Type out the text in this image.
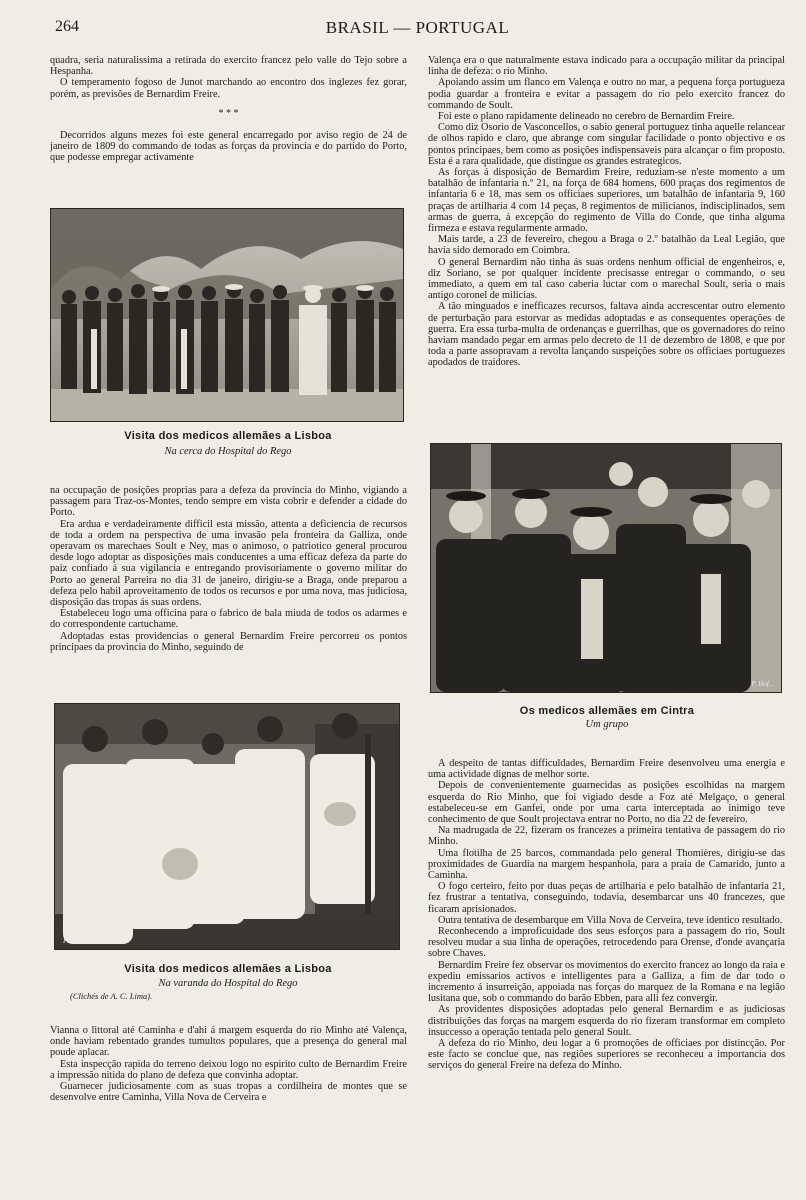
264	BRASIL — PORTUGAL

quadra, seria naturalissima a retirada do exercito francez pelo valle do Tejo sobre a Hespanha.

O temperamento fogoso de Junot marchando ao encontro dos inglezes fez gorar, porém, as previsões de Bernardim Freire.

* * *

Decorridos alguns mezes foi este general encarregado por aviso regio de 24 de janeiro de 1809 do commando de todas as forças da provincia e do partido do Porto, que podesse empregar activamente

Visita dos medicos allemães a Lisboa
Na cerca do Hospital do Rego

na occupação de posições proprias para a defeza da provincia do Minho, vigiando a passagem para Traz-os-Montes, tendo sempre em vista cobrir e defender a cidade do Porto.

Era ardua e verdadeiramente difficil esta missão, attenta a deficiencia de recursos de toda a ordem na perspectiva de uma invasão pela fronteira da Galliza, onde operavam os marechaes Soult e Ney, mas o animoso, o patriotico general procurou desde logo adoptar as disposições mais conducentes a uma efficaz defeza da parte do paiz confiado á sua vigilancia e entregando provisoriamente o governo militar do Porto ao general Parreira no dia 31 de janeiro, dirigiu-se a Braga, onde preparou a defeza pelo habil aproveitamento de todos os recursos e por uma nova, mas judiciosa, disposição das tropas ás suas ordens.

Estabeleceu logo uma officina para o fabrico de bala miuda de todos os adarmes e do correspondente cartuchame.

Adoptadas estas providencias o general Bernardim Freire percorreu os pontos principaes da provincia do Minho, seguindo de

Ph.
Visita dos medicos allemães a Lisboa
Na varanda do Hospital do Rego
(Clichés de A. C. Lima).

Vianna o littoral até Caminha e d'ahi á margem esquerda do rio Minho até Valença, onde haviam rebentado grandes tumultos populares, que a presença do general mal poude aplacar.

Esta inspecção rapida do terreno deixou logo no espirito culto de Bernardim Freire a impressão nitida do plano de defeza que convinha adoptar.

Guarnecer judiciosamente com as suas tropas a cordilheira de montes que se desenvolve entre Caminha, Villa Nova de Cerveira e

Valença era o que naturalmente estava indicado para a occupação militar da principal linha de defeza: o rio Minho.

Apoiando assim um flanco em Valença e outro no mar, a pequena força portugueza podia guardar a fronteira e evitar a passagem do rio pelo exercito francez do commando de Soult.

Foi este o plano rapidamente delineado no cerebro de Bernardim Freire.

Como diz Osorio de Vasconcellos, o sabio general portuguez tinha aquelle relancear de olhos rapido e claro, que abrange com singular facilidade o ponto objectivo e os pontos principaes, bem como as posições indispensaveis para alcançar o fim proposto. Esta é a rara qualidade, que distingue os grandes estrategicos.

As forças á disposição de Bernardim Freire, reduziam-se n'este momento a um batalhão de infantaria n.º 21, na força de 684 homens, 600 praças dos regimentos de infantaria 6 e 18, mas sem os officiaes superiores, um batalhão de infantaria 9, 160 praças de artilharia 4 com 14 peças, 8 regimentos de milicianos, indisciplinados, sem armas de guerra, á excepção do regimento de Villa do Conde, que tinha alguma firmeza e estava regularmente armado.

Mais tarde, a 23 de fevereiro, chegou a Braga o 2.º batalhão da Leal Legião, que havia sido demorado em Coimbra.

O general Bernardim não tinha ás suas ordens nenhum official de engenheiros, e, diz Soriano, se por qualquer incidente precisasse entregar o commando, o seu immediato, a quem em tal caso caberia luctar com o marechal Soult, seria o mais antigo coronel de milicias.

A tão minguados e inefficazes recursos, faltava ainda accrescentar outro elemento de perturbação para estorvar as medidas adoptadas e as consequentes operações de guerra. Era essa turba-multa de ordenanças e guerrilhas, que os governadores do reino haviam mandado pegar em armas pelo decreto de 11 de dezembro de 1808, e que por toda a parte assopravam a revolta lançando suspeições sobre os officiaes portuguezes apodados de traidores.

P. Hof…
Os medicos allemães em Cintra
Um grupo

A despeito de tantas difficuldades, Bernardim Freire desenvolveu uma energia e uma actividade dignas de melhor sorte.

Depois de convenientemente guarnecidas as posições escolhidas na margem esquerda do Rio Minho, que foi vigiado desde a Foz até Melgaço, o general estabeleceu-se em Ganfei, onde por uma carta interceptada ao inimigo teve conhecimento de que Soult projectava entrar no Porto, no dia 22 de fevereiro.

Na madrugada de 22, fizeram os francezes a primeira tentativa de passagem do rio Minho.

Uma flotilha de 25 barcos, commandada pelo general Thomières, dirigiu-se das proximidades de Guardia na margem hespanhola, para a praia de Camarido, junto a Caminha.

O fogo certeiro, feito por duas peças de artilharia e pelo batalhão de infantaria 21, fez frustrar a tentativa, conseguindo, todavia, desembarcar uns 40 francezes, que ficaram aprisionados.

Outra tentativa de desembarque em Villa Nova de Cerveira, teve identico resultado.

Reconhecendo a improficuidade dos seus esforços para a passagem do rio, Soult resolveu mudar a sua linha de operações, retrocedendo para Orense, d'onde avançaria sobre Chaves.

Bernardim Freire fez observar os movimentos do exercito francez ao longo da raia e expediu emissarios activos e intelligentes para a Galliza, a fim de dar todo o incremento á insurreição, appoiada nas forças do marquez de la Romana e na legião lusitana que, sob o commando do barão Ebben, para alli fez convergir.

As providentes disposições adoptadas pelo general Bernardim e as judiciosas distribuições das forças na margem esquerda do rio fizeram transformar em completo insuccesso a operação tentada pelo general Soult.

A defeza do rio Minho, deu logar a 6 promoções de officiaes por distincção. Por este facto se conclue que, nas regiões superiores se reconheceu a importancia dos serviços do general Freire na defeza do Minho.
